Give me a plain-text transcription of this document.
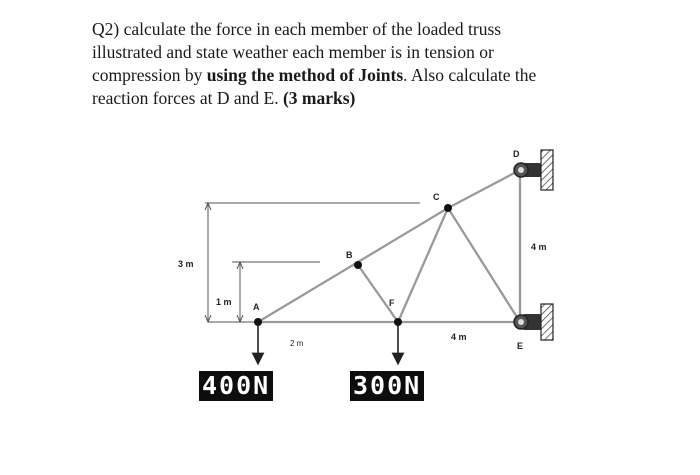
Q2) calculate the force in each member of the loaded truss

illustrated and state weather each member is in tension or

compression by using the method of Joints. Also calculate the

reaction forces at D and E. (3 marks)

A
B
C
D
E
F
3 m
1 m
2 m
4 m
4 m
400N	300N
